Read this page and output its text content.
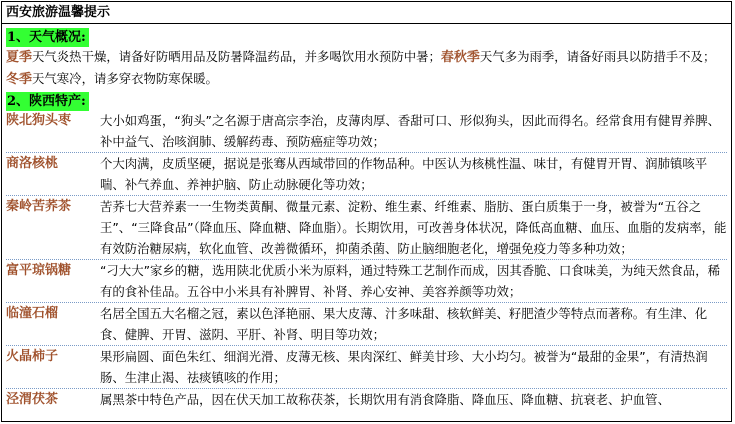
西安旅游温馨提示
1、天气概况:

夏季天气炎热干燥，请备好防晒用品及防暑降温药品，并多喝饮用水预防中暑；春秋季天气多为雨季，请备好雨具以防措手不及；冬季天气寒冷，请多穿衣物防寒保暖。

2、陕西特产:
陕北狗头枣 大小如鸡蛋，“狗头”之名源于唐高宗李治，皮薄肉厚、香甜可口、形似狗头，因此而得名。经常食用有健胃养脾、补中益气、治咳润肺、缓解药毒、预防癌症等功效；
商洛核桃	个大肉满，皮质坚硬，据说是张骞从西域带回的作物品种。中医认为核桃性温、味甘，有健胃开胃、润肺镇咳平喘、补气养血、养神护脑、防止动脉硬化等功效；
秦岭苦荞茶 苦荞七大营养素一一生物类黄酮、微量元素、淀粉、维生素、纤维素、脂肪、蛋白质集于一身，被誉为“五谷之王”、“三降食品”（降血压、降血糖、降血脂）。长期饮用，可改善身体状况，降低高血糖、血压、血脂的发病率，能有效防治糖尿病，软化血管、改善微循环，抑菌杀菌、防止脑细胞老化，增强免疫力等多种功效；
富平琼锅糖 “刁大大”家乡的糖，选用陕北优质小米为原料，通过特殊工艺制作而成，因其香脆、口食味美，为纯天然食品，稀有的食补佳品。五谷中小米具有补脾胃、补肾、养心安神、美容养颜等功效；
临潼石榴	名居全国五大名榴之冠，素以色泽艳丽、果大皮薄、汁多味甜、核软鲜美、籽肥渣少等特点而著称。有生津、化食、健脾、开胃、滋阴、平肝、补肾、明目等功效；
火晶柿子	果形扁圆、面色朱红、细润光滑、皮薄无核、果肉深红、鲜美甘珍、大小均匀。被誉为“最甜的金果”，有清热润肠、生津止渴、祛痰镇咳的作用；
泾渭茯茶	属黑茶中特色产品，因在伏天加工故称茯茶，长期饮用有消食降脂、降血压、降血糖、抗衰老、护血管、
